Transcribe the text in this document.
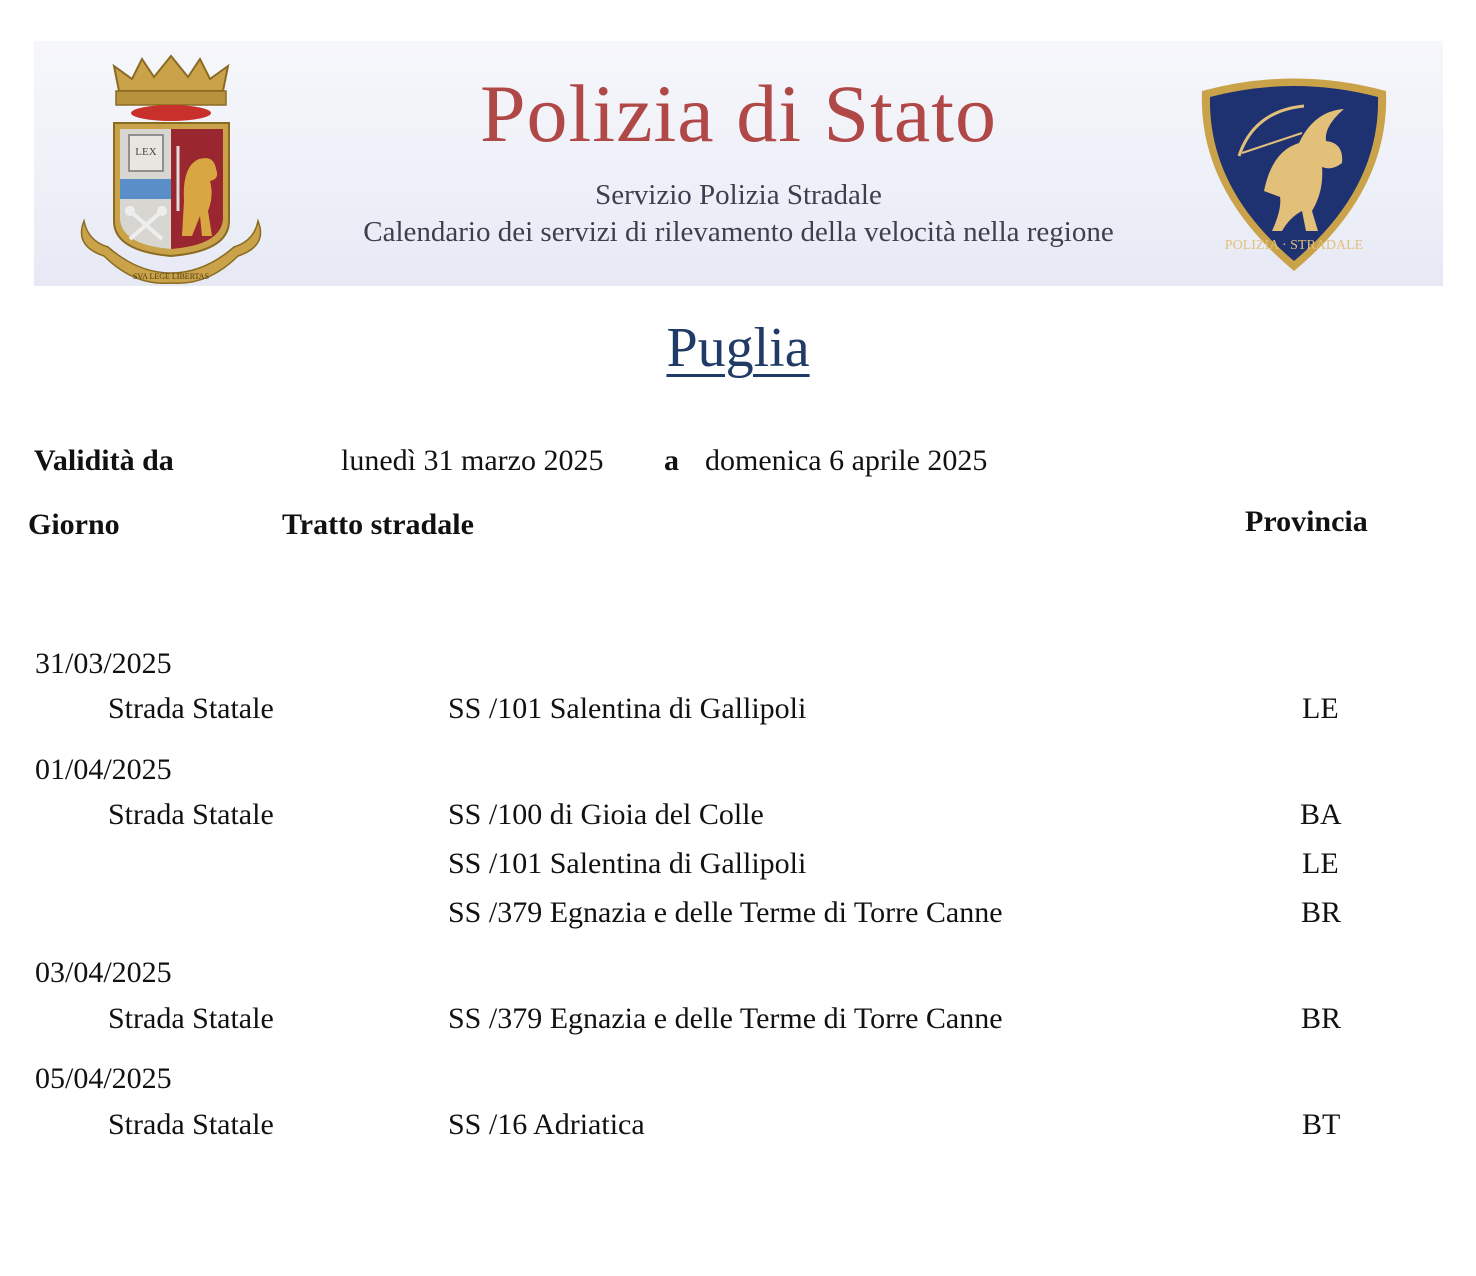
LEX
SVA LEGE LIBERTAS
Polizia di Stato
Servizio Polizia Stradale
Calendario dei servizi di rilevamento della velocità nella regione	POLIZIA · STRADALE
Puglia
Validità da	lunedì 31 marzo 2025 a domenica 6 aprile 2025
Giorno	Tratto stradale	Provincia
31/03/2025
Strada Statale	SS /101 Salentina di Gallipoli	LE
01/04/2025
Strada Statale	SS /100 di Gioia del Colle	BA
SS /101 Salentina di Gallipoli	LE
SS /379 Egnazia e delle Terme di Torre Canne	BR
03/04/2025
Strada Statale	SS /379 Egnazia e delle Terme di Torre Canne	BR
05/04/2025
Strada Statale	SS /16 Adriatica	BT
